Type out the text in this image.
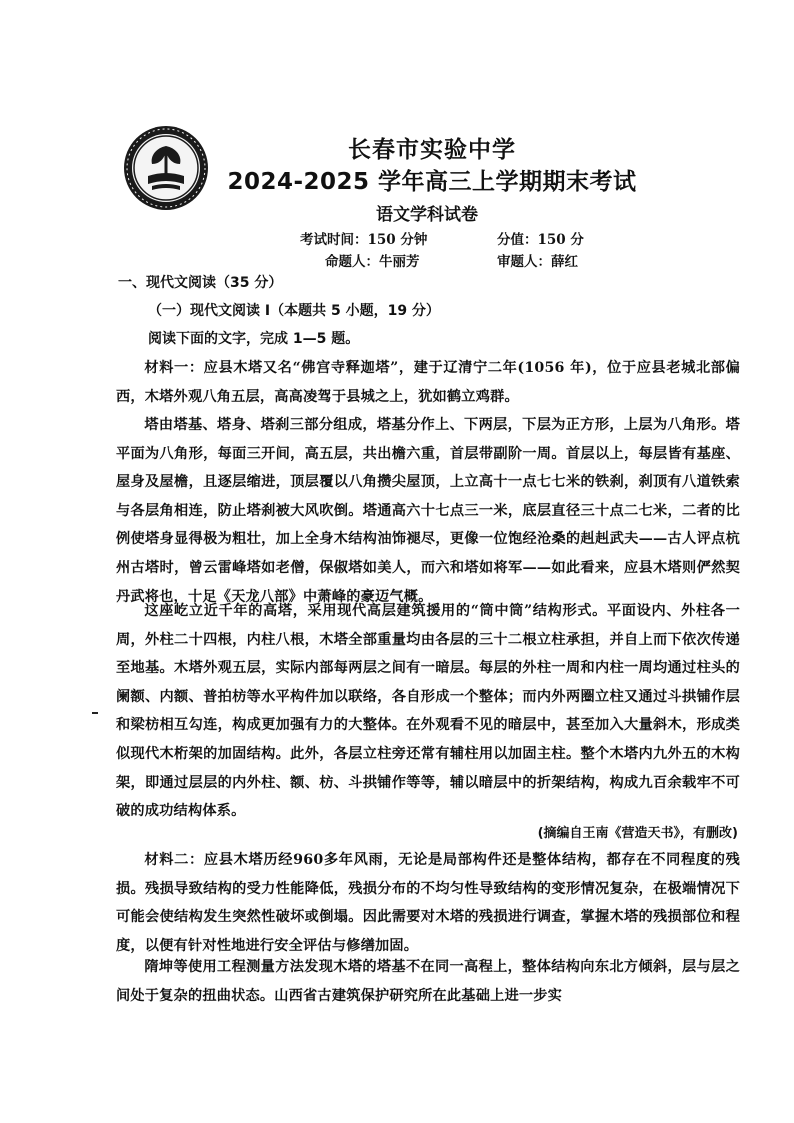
长春市实验中学
2024-2025 学年高三上学期期末考试
语文学科试卷
考试时间：150 分钟	分值：150 分
命题人：牛丽芳	审题人：薛红
一、现代文阅读（35 分）
（一）现代文阅读 Ⅰ（本题共 5 小题，19 分）
阅读下面的文字，完成 1—5 题。
材料一：应县木塔又名“佛宫寺释迦塔”，建于辽清宁二年(1056 年)，位于应县老城北部偏西，木塔外观八角五层，高高凌驾于县城之上，犹如鹤立鸡群。
塔由塔基、塔身、塔刹三部分组成，塔基分作上、下两层，下层为正方形，上层为八角形。塔平面为八角形，每面三开间，高五层，共出檐六重，首层带副阶一周。首层以上，每层皆有基座、屋身及屋檐，且逐层缩进，顶层覆以八角攒尖屋顶，上立高十一点七七米的铁刹，刹顶有八道铁索与各层角相连，防止塔刹被大风吹倒。塔通高六十七点三一米，底层直径三十点二七米，二者的比例使塔身显得极为粗壮，加上全身木结构油饰褪尽，更像一位饱经沧桑的赳赳武夫——古人评点杭州古塔时，曾云雷峰塔如老僧，保俶塔如美人，而六和塔如将军——如此看来，应县木塔则俨然契丹武将也，十足《天龙八部》中萧峰的豪迈气概。
这座屹立近千年的高塔，采用现代高层建筑援用的“筒中筒”结构形式。平面设内、外柱各一周，外柱二十四根，内柱八根，木塔全部重量均由各层的三十二根立柱承担，并自上而下依次传递至地基。木塔外观五层，实际内部每两层之间有一暗层。每层的外柱一周和内柱一周均通过柱头的阑额、内额、普拍枋等水平构件加以联络，各自形成一个整体；而内外两圈立柱又通过斗拱铺作层和梁枋相互勾连，构成更加强有力的大整体。在外观看不见的暗层中，甚至加入大量斜木，形成类似现代木桁架的加固结构。此外，各层立柱旁还常有辅柱用以加固主柱。整个木塔内九外五的木构架，即通过层层的内外柱、额、枋、斗拱铺作等等，辅以暗层中的折架结构，构成九百余载牢不可破的成功结构体系。
(摘编自王南《营造天书》，有删改)
材料二：应县木塔历经960多年风雨，无论是局部构件还是整体结构，都存在不同程度的残损。残损导致结构的受力性能降低，残损分布的不均匀性导致结构的变形情况复杂，在极端情况下可能会使结构发生突然性破坏或倒塌。因此需要对木塔的残损进行调查，掌握木塔的残损部位和程度，以便有针对性地进行安全评估与修缮加固。
隋坤等使用工程测量方法发现木塔的塔基不在同一高程上，整体结构向东北方倾斜，层与层之间处于复杂的扭曲状态。山西省古建筑保护研究所在此基础上进一步实
